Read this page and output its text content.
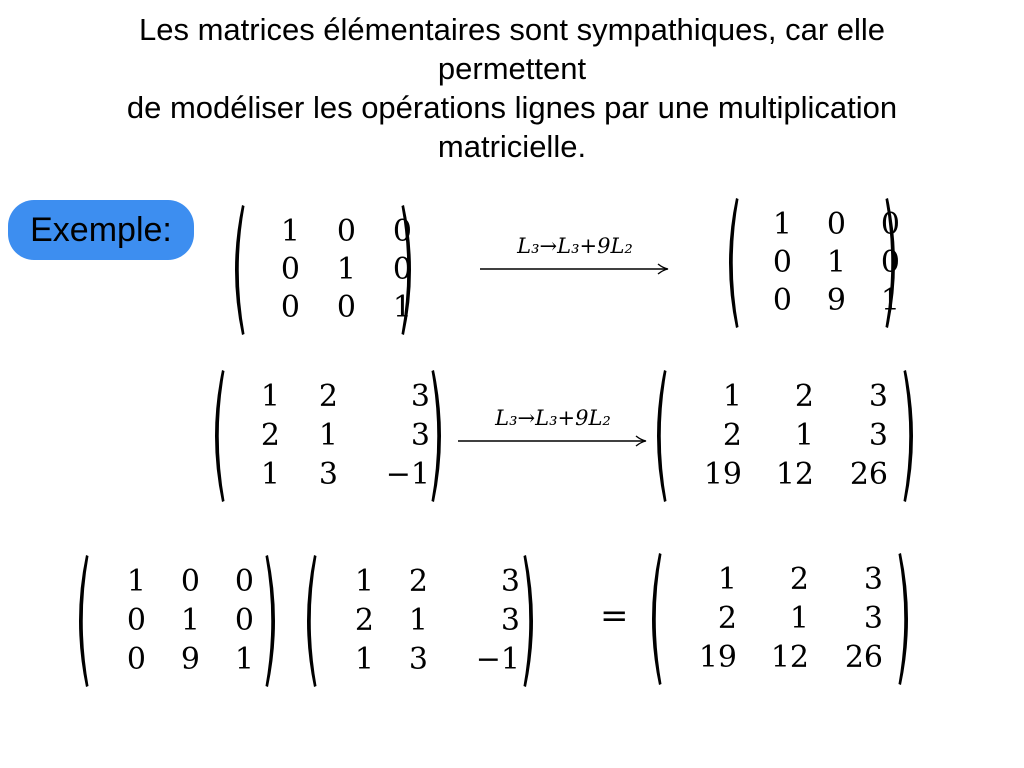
Les matrices élémentaires sont sympathiques, car elle
permettent
de modéliser les opérations lignes par une multiplication
matricielle.
Exemple:	1	0	0
0	1	0
0	0	1
L₃→L₃+9L₂
1	0	0
0	1	0
0	9	1
1	2	3
2	1	3
1	3	−1
L₃→L₃+9L₂
1	2	3
2	1	3
19	12	26
1	0	0
0	1	0
0	9	1
1	2	3
2	1	3
1	3	−1
=
1	2	3
2	1	3
19	12	26
